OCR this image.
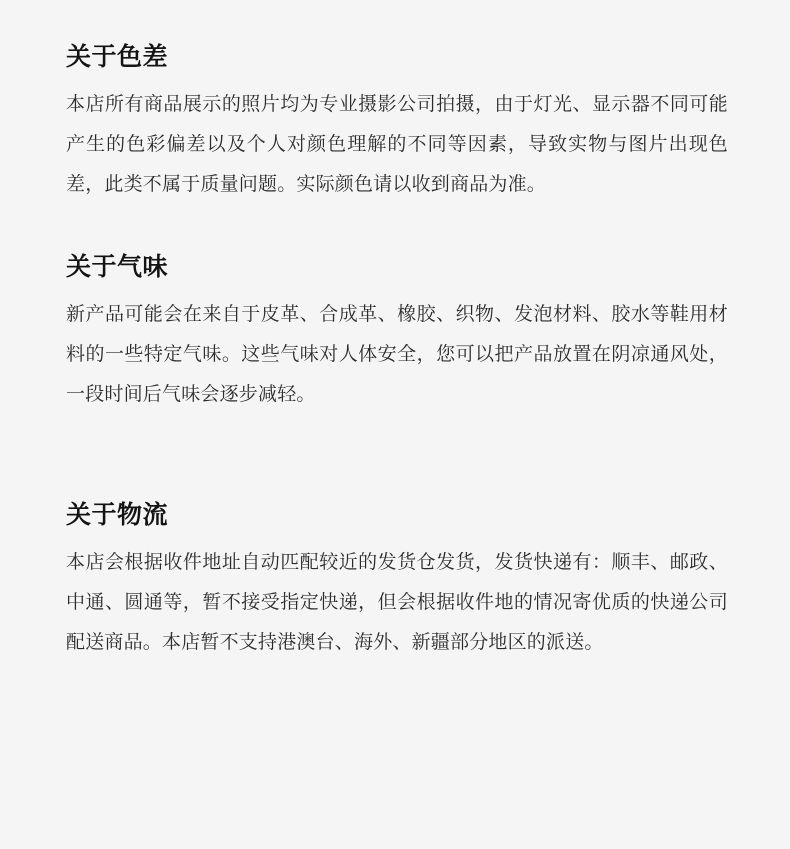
关于色差

本店所有商品展示的照片均为专业摄影公司拍摄，由于灯光、显示器不同可能产生的色彩偏差以及个人对颜色理解的不同等因素，导致实物与图片出现色差，此类不属于质量问题。实际颜色请以收到商品为准。

关于气味

新产品可能会在来自于皮革、合成革、橡胶、织物、发泡材料、胶水等鞋用材料的一些特定气味。这些气味对人体安全，您可以把产品放置在阴凉通风处，一段时间后气味会逐步减轻。

关于物流

本店会根据收件地址自动匹配较近的发货仓发货，发货快递有：顺丰、邮政、中通、圆通等，暂不接受指定快递，但会根据收件地的情况寄优质的快递公司配送商品。本店暂不支持港澳台、海外、新疆部分地区的派送。
